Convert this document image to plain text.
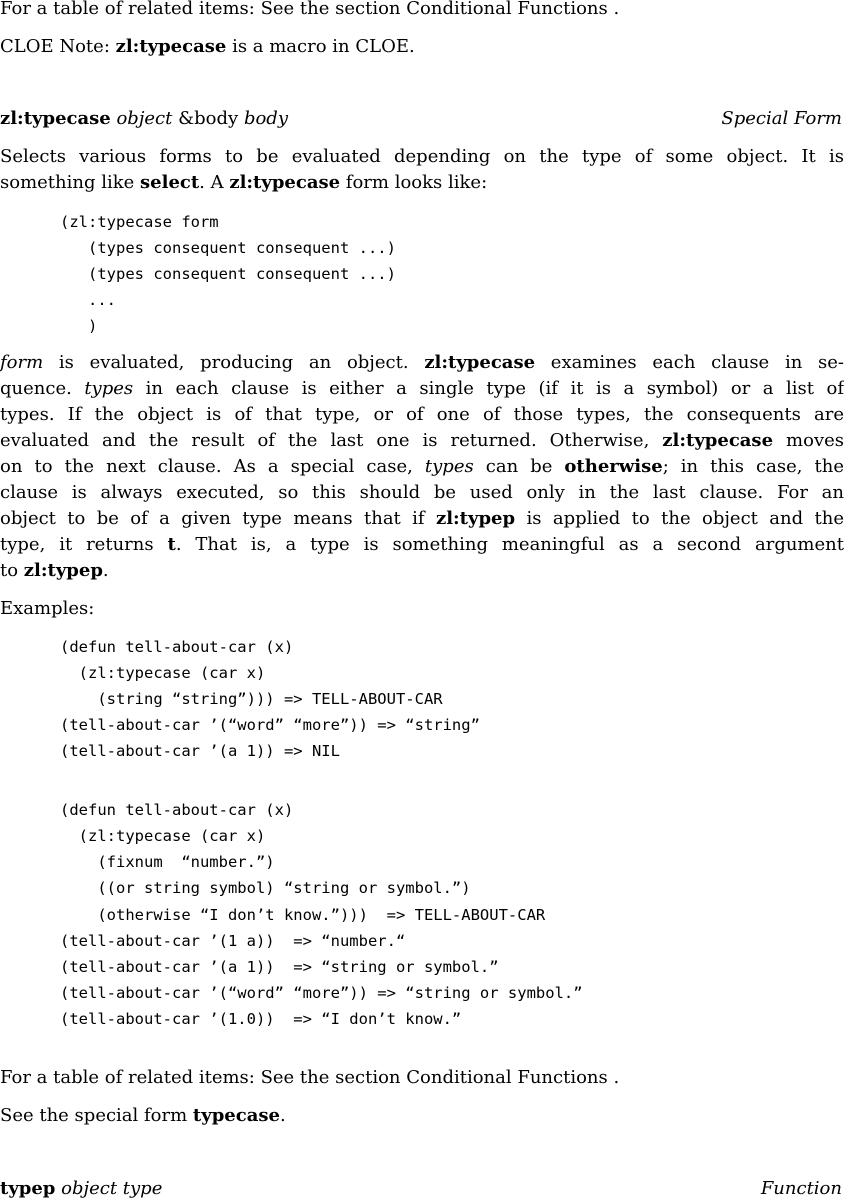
For a table of related items: See the section Conditional Functions .
CLOE Note: zl:typecase is a macro in CLOE.
zl:typecase object &body body	Special Form
Selects various forms to be evaluated depending on the type of some object. It is
something like select. A zl:typecase form looks like:
(zl:typecase form
(types consequent consequent ...)
(types consequent consequent ...)
...
)
form is evaluated, producing an object. zl:typecase examines each clause in se-
quence. types in each clause is either a single type (if it is a symbol) or a list of
types. If the object is of that type, or of one of those types, the consequents are
evaluated and the result of the last one is returned. Otherwise, zl:typecase moves
on to the next clause. As a special case, types can be otherwise; in this case, the
clause is always executed, so this should be used only in the last clause. For an
object to be of a given type means that if zl:typep is applied to the object and the
type, it returns t. That is, a type is something meaningful as a second argument
to zl:typep.
Examples:
(defun tell-about-car (x)
(zl:typecase (car x)
(string “string”))) => TELL-ABOUT-CAR
(tell-about-car ’(“word” “more”)) => “string”
(tell-about-car ’(a 1)) => NIL
(defun tell-about-car (x)
(zl:typecase (car x)
(fixnum  “number.”)
((or string symbol) “string or symbol.”)
(otherwise “I don’t know.”)))  => TELL-ABOUT-CAR
(tell-about-car ’(1 a))  => “number.“
(tell-about-car ’(a 1))  => “string or symbol.”
(tell-about-car ’(“word” “more”)) => “string or symbol.”
(tell-about-car ’(1.0))  => “I don’t know.”
For a table of related items: See the section Conditional Functions .
See the special form typecase.
typep object type	Function
